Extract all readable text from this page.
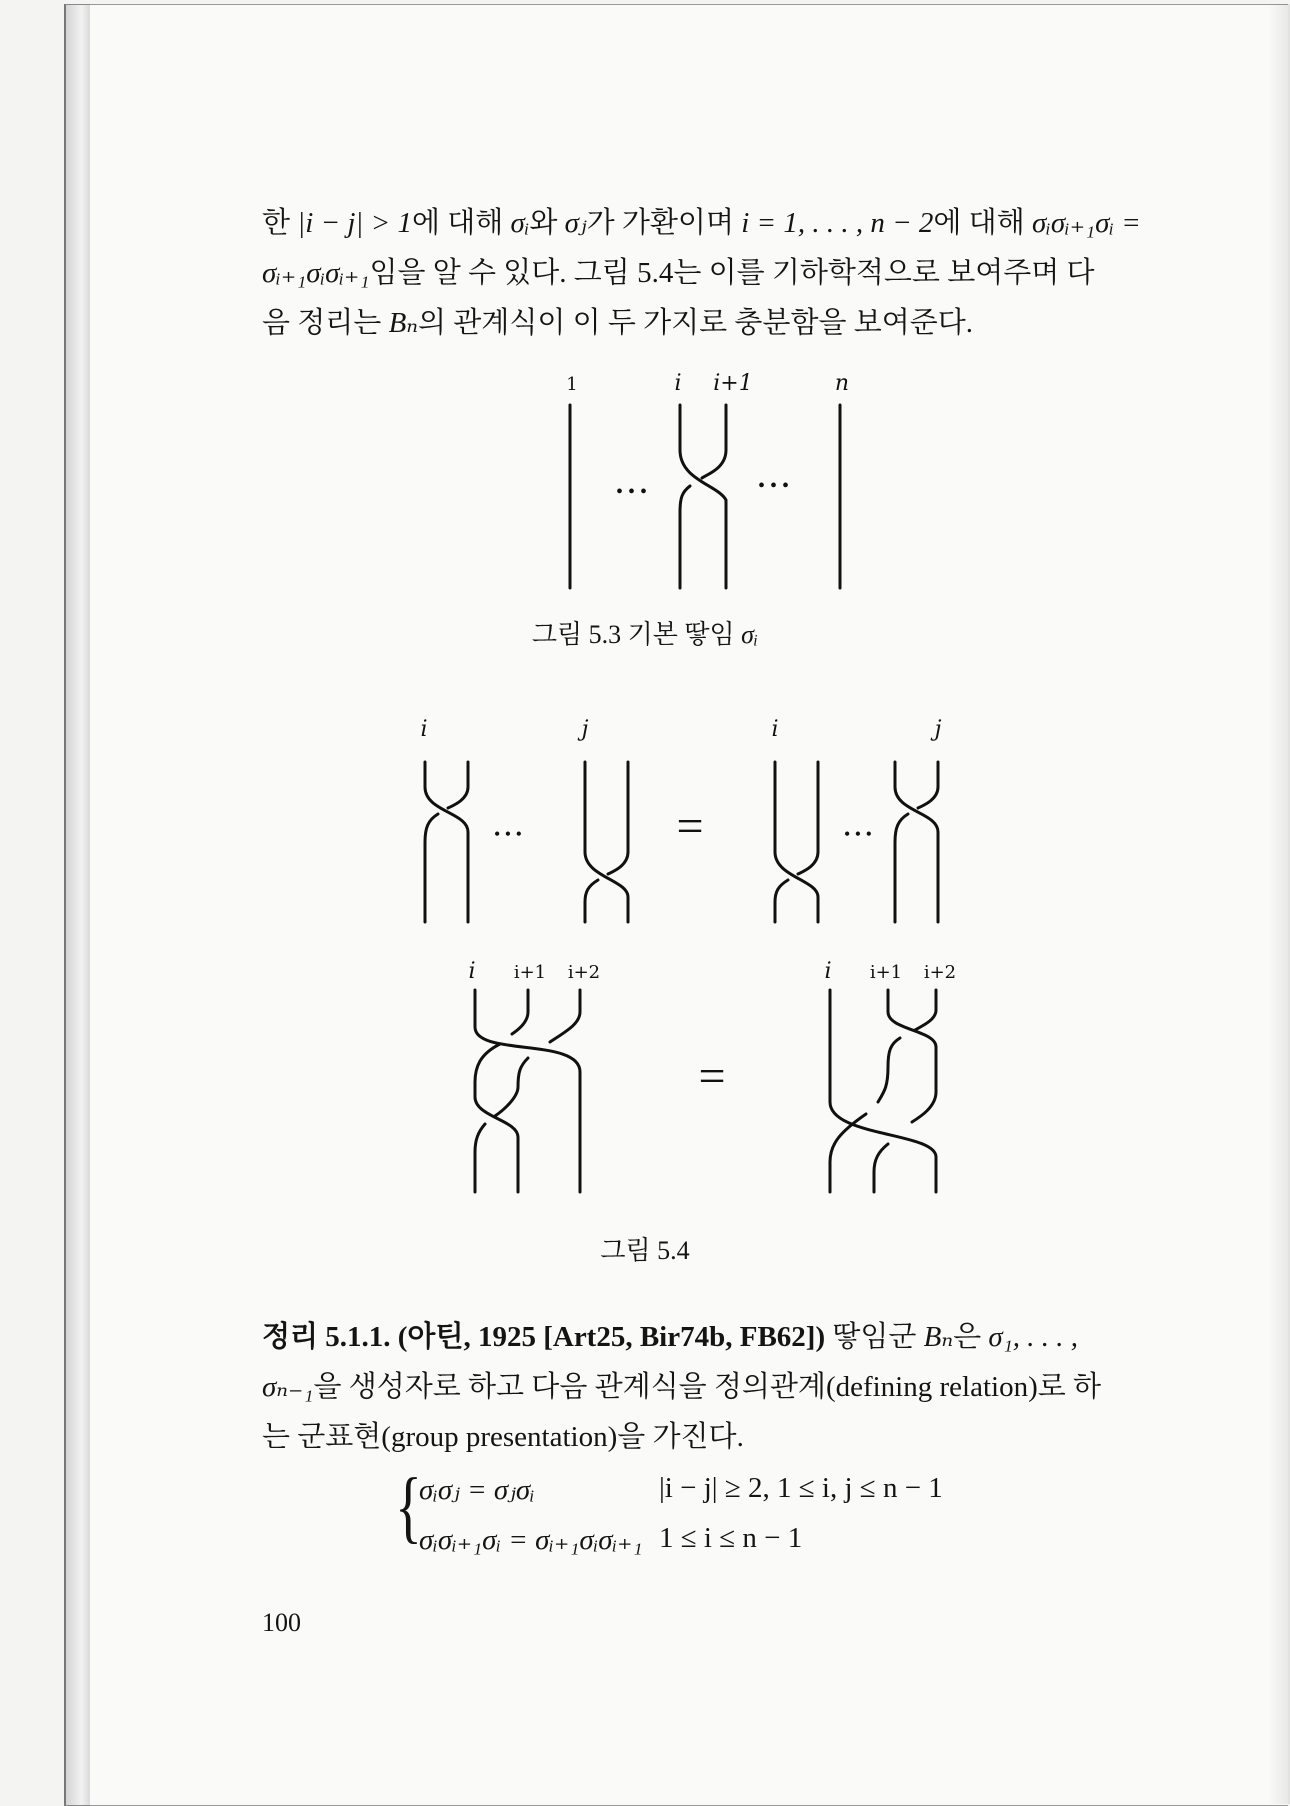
한 |i − j| > 1에 대해 σᵢ와 σⱼ가 가환이며 i = 1, . . . , n − 2에 대해 σᵢσᵢ₊₁σᵢ =

σᵢ₊₁σᵢσᵢ₊₁임을 알 수 있다. 그림 5.4는 이를 기하학적으로 보여주며 다

음 정리는 Bₙ의 관계식이 이 두 가지로 충분함을 보여준다.

1	i i+1	n
• • •	• • •
그림 5.3 기본 땋임 σᵢ
i	j	i	j
• • •	=	• • •
i i+1 i+2	i i+1 i+2
=
그림 5.4

정리 5.1.1. (아틴, 1925 [Art25, Bir74b, FB62]) 땋임군 Bₙ은 σ₁, . . . ,

σₙ₋₁을 생성자로 하고 다음 관계식을 정의관계(defining relation)로 하

는 군표현(group presentation)을 가진다.

{
σᵢσⱼ = σⱼσᵢ	|i − j| ≥ 2, 1 ≤ i, j ≤ n − 1
σᵢσᵢ₊₁σᵢ = σᵢ₊₁σᵢσᵢ₊₁ 1 ≤ i ≤ n − 1
100
